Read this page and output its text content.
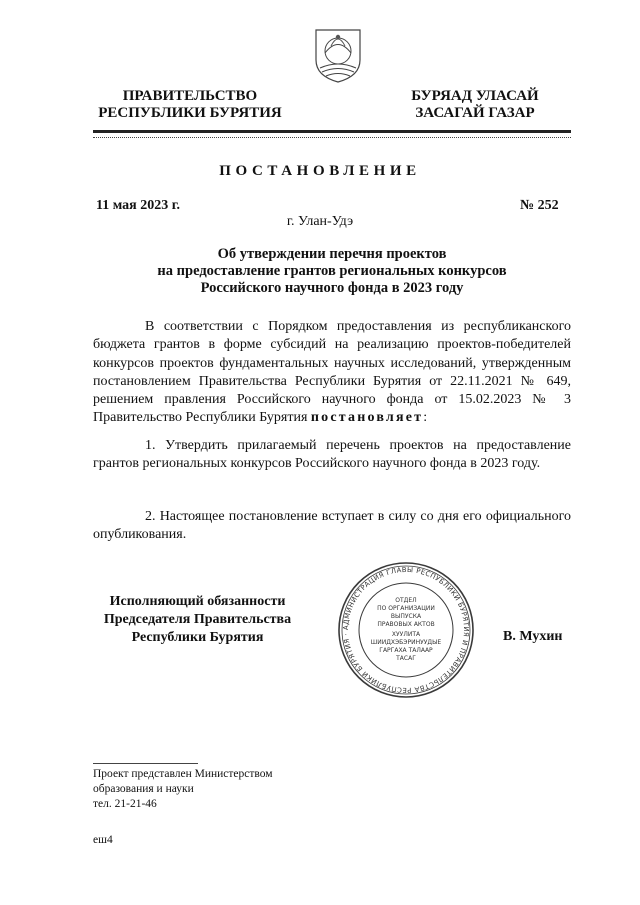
ПРАВИТЕЛЬСТВО
РЕСПУБЛИКИ БУРЯТИЯ
БУРЯАД УЛАСАЙ
ЗАСАГАЙ ГАЗАР
ПОСТАНОВЛЕНИЕ
11 мая 2023 г.	№ 252
г. Улан-Удэ
Об утверждении перечня проектов
на предоставление грантов региональных конкурсов
Российского научного фонда в 2023 году
В соответствии с Порядком предоставления из республиканского бюджета грантов в форме субсидий на реализацию проектов-победителей конкурсов проектов фундаментальных научных исследований, утвержденным постановлением Правительства Республики Бурятия от 22.11.2021 № 649, решением правления Российского научного фонда от 15.02.2023 № 3 Правительство Республики Бурятия постановляет:
1. Утвердить прилагаемый перечень проектов на предоставление грантов региональных конкурсов Российского научного фонда в 2023 году.
2. Настоящее постановление вступает в силу со дня его официального опубликования.
Исполняющий обязанности
Председателя Правительства
Республики Бурятия
АДМИНИСТРАЦИЯ ГЛАВЫ РЕСПУБЛИКИ БУРЯТИЯ И ПРАВИТЕЛЬСТВА РЕСПУБЛИКИ БУРЯТИЯ ·
ОТДЕЛ
ПО ОРГАНИЗАЦИИ
ВЫПУСКА
ПРАВОВЫХ АКТОВ
ХУУЛИТА
ШИИДХЭБЭРИНУУДЫЕ
ГАРГАХА ТАЛААР
ТАСАГ
В. Мухин
Проект представлен Министерством
образования и науки
тел. 21-21-46
еш4
